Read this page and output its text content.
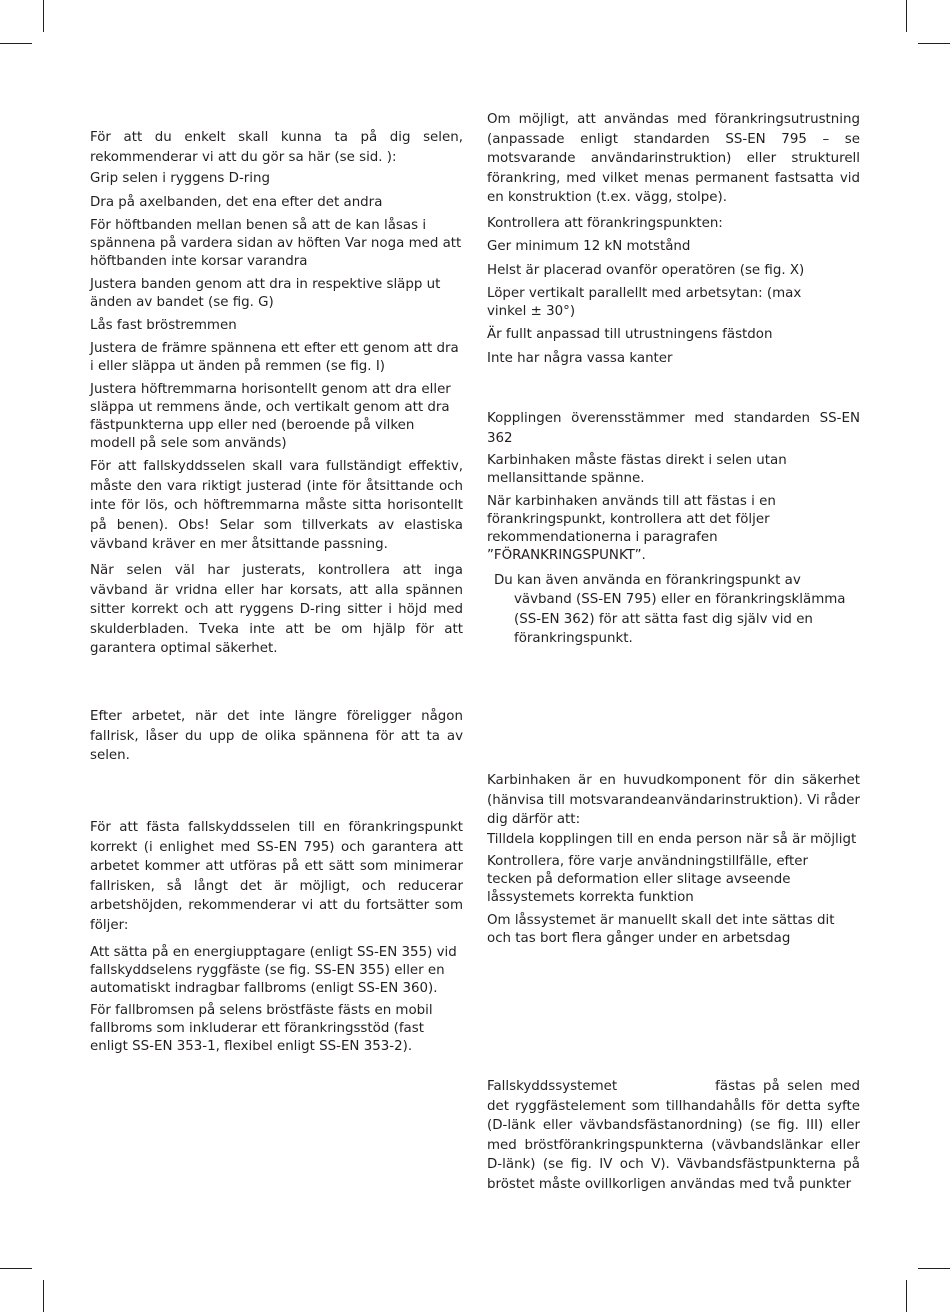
För att du enkelt skall kunna ta på dig selen, rekommenderar vi att du gör sa här (se sid. ):

Grip selen i ryggens D-ring

Dra på axelbanden, det ena efter det andra

För höftbanden mellan benen så att de kan låsas i spännena på vardera sidan av höften Var noga med att höftbanden inte korsar varandra

Justera banden genom att dra in respektive släpp ut änden av bandet (se fig. G)

Lås fast bröstremmen

Justera de främre spännena ett efter ett genom att dra i eller släppa ut änden på remmen (se fig. I)

Justera höftremmarna horisontellt genom att dra eller släppa ut remmens ände, och vertikalt genom att dra fästpunkterna upp eller ned (beroende på vilken modell på sele som används)

För att fallskyddsselen skall vara fullständigt effektiv, måste den vara riktigt justerad (inte för åtsittande och inte för lös, och höftremmarna måste sitta horisontellt på benen). Obs! Selar som tillverkats av elastiska vävband kräver en mer åtsittande passning.

När selen väl har justerats, kontrollera att inga vävband är vridna eller har korsats, att alla spännen sitter korrekt och att ryggens D-ring sitter i höjd med skulderbladen. Tveka inte att be om hjälp för att garantera optimal säkerhet.

Efter arbetet, när det inte längre föreligger någon fallrisk, låser du upp de olika spännena för att ta av selen.

För att fästa fallskyddsselen till en förankringspunkt korrekt (i enlighet med SS-EN 795) och garantera att arbetet kommer att utföras på ett sätt som minimerar fallrisken, så långt det är möjligt, och reducerar arbetshöjden, rekommenderar vi att du fortsätter som följer:

Att sätta på en energiupptagare (enligt SS-EN 355) vid fallskyddselens ryggfäste (se fig. SS-EN 355) eller en automatiskt indragbar fallbroms (enligt SS-EN 360).

För fallbromsen på selens bröstfäste fästs en mobil fallbroms som inkluderar ett förankringsstöd (fast enligt SS-EN 353-1, flexibel enligt SS-EN 353-2).

Om möjligt, att användas med förankringsutrustning (anpassade enligt standarden SS-EN 795 – se motsvarande användarinstruktion) eller strukturell förankring, med vilket menas permanent fastsatta vid en konstruktion (t.ex. vägg, stolpe).

Kontrollera att förankringspunkten:

Ger minimum 12 kN motstånd

Helst är placerad ovanför operatören (se fig. X)

Löper vertikalt parallellt med arbetsytan: (max vinkel ± 30°)

Är fullt anpassad till utrustningens fästdon

Inte har några vassa kanter

Kopplingen överensstämmer med standarden SS-EN 362

Karbinhaken måste fästas direkt i selen utan mellansittande spänne.

När karbinhaken används till att fästas i en förankringspunkt, kontrollera att det följer rekommendationerna i paragrafen ”FÖRANKRINGSPUNKT”.

Du kan även använda en förankringspunkt av vävband (SS-EN 795) eller en förankringsklämma (SS-EN 362) för att sätta fast dig själv vid en förankringspunkt.

Karbinhaken är en huvudkomponent för din säkerhet (hänvisa till motsvarandeanvändarinstruktion). Vi råder dig därför att:

Tilldela kopplingen till en enda person när så är möjligt

Kontrollera, före varje användningstillfälle, efter tecken på deformation eller slitage avseende låssystemets korrekta funktion

Om låssystemet är manuellt skall det inte sättas dit och tas bort flera gånger under en arbetsdag

Fallskyddssystemet	fästas på selen med det ryggfästelement som tillhandahålls för detta syfte (D-länk eller vävbandsfästanordning) (se fig. III) eller med bröstförankringspunkterna (vävbandslänkar eller D-länk) (se fig. IV och V). Vävbandsfästpunkterna på bröstet måste ovillkorligen användas med två punkter
